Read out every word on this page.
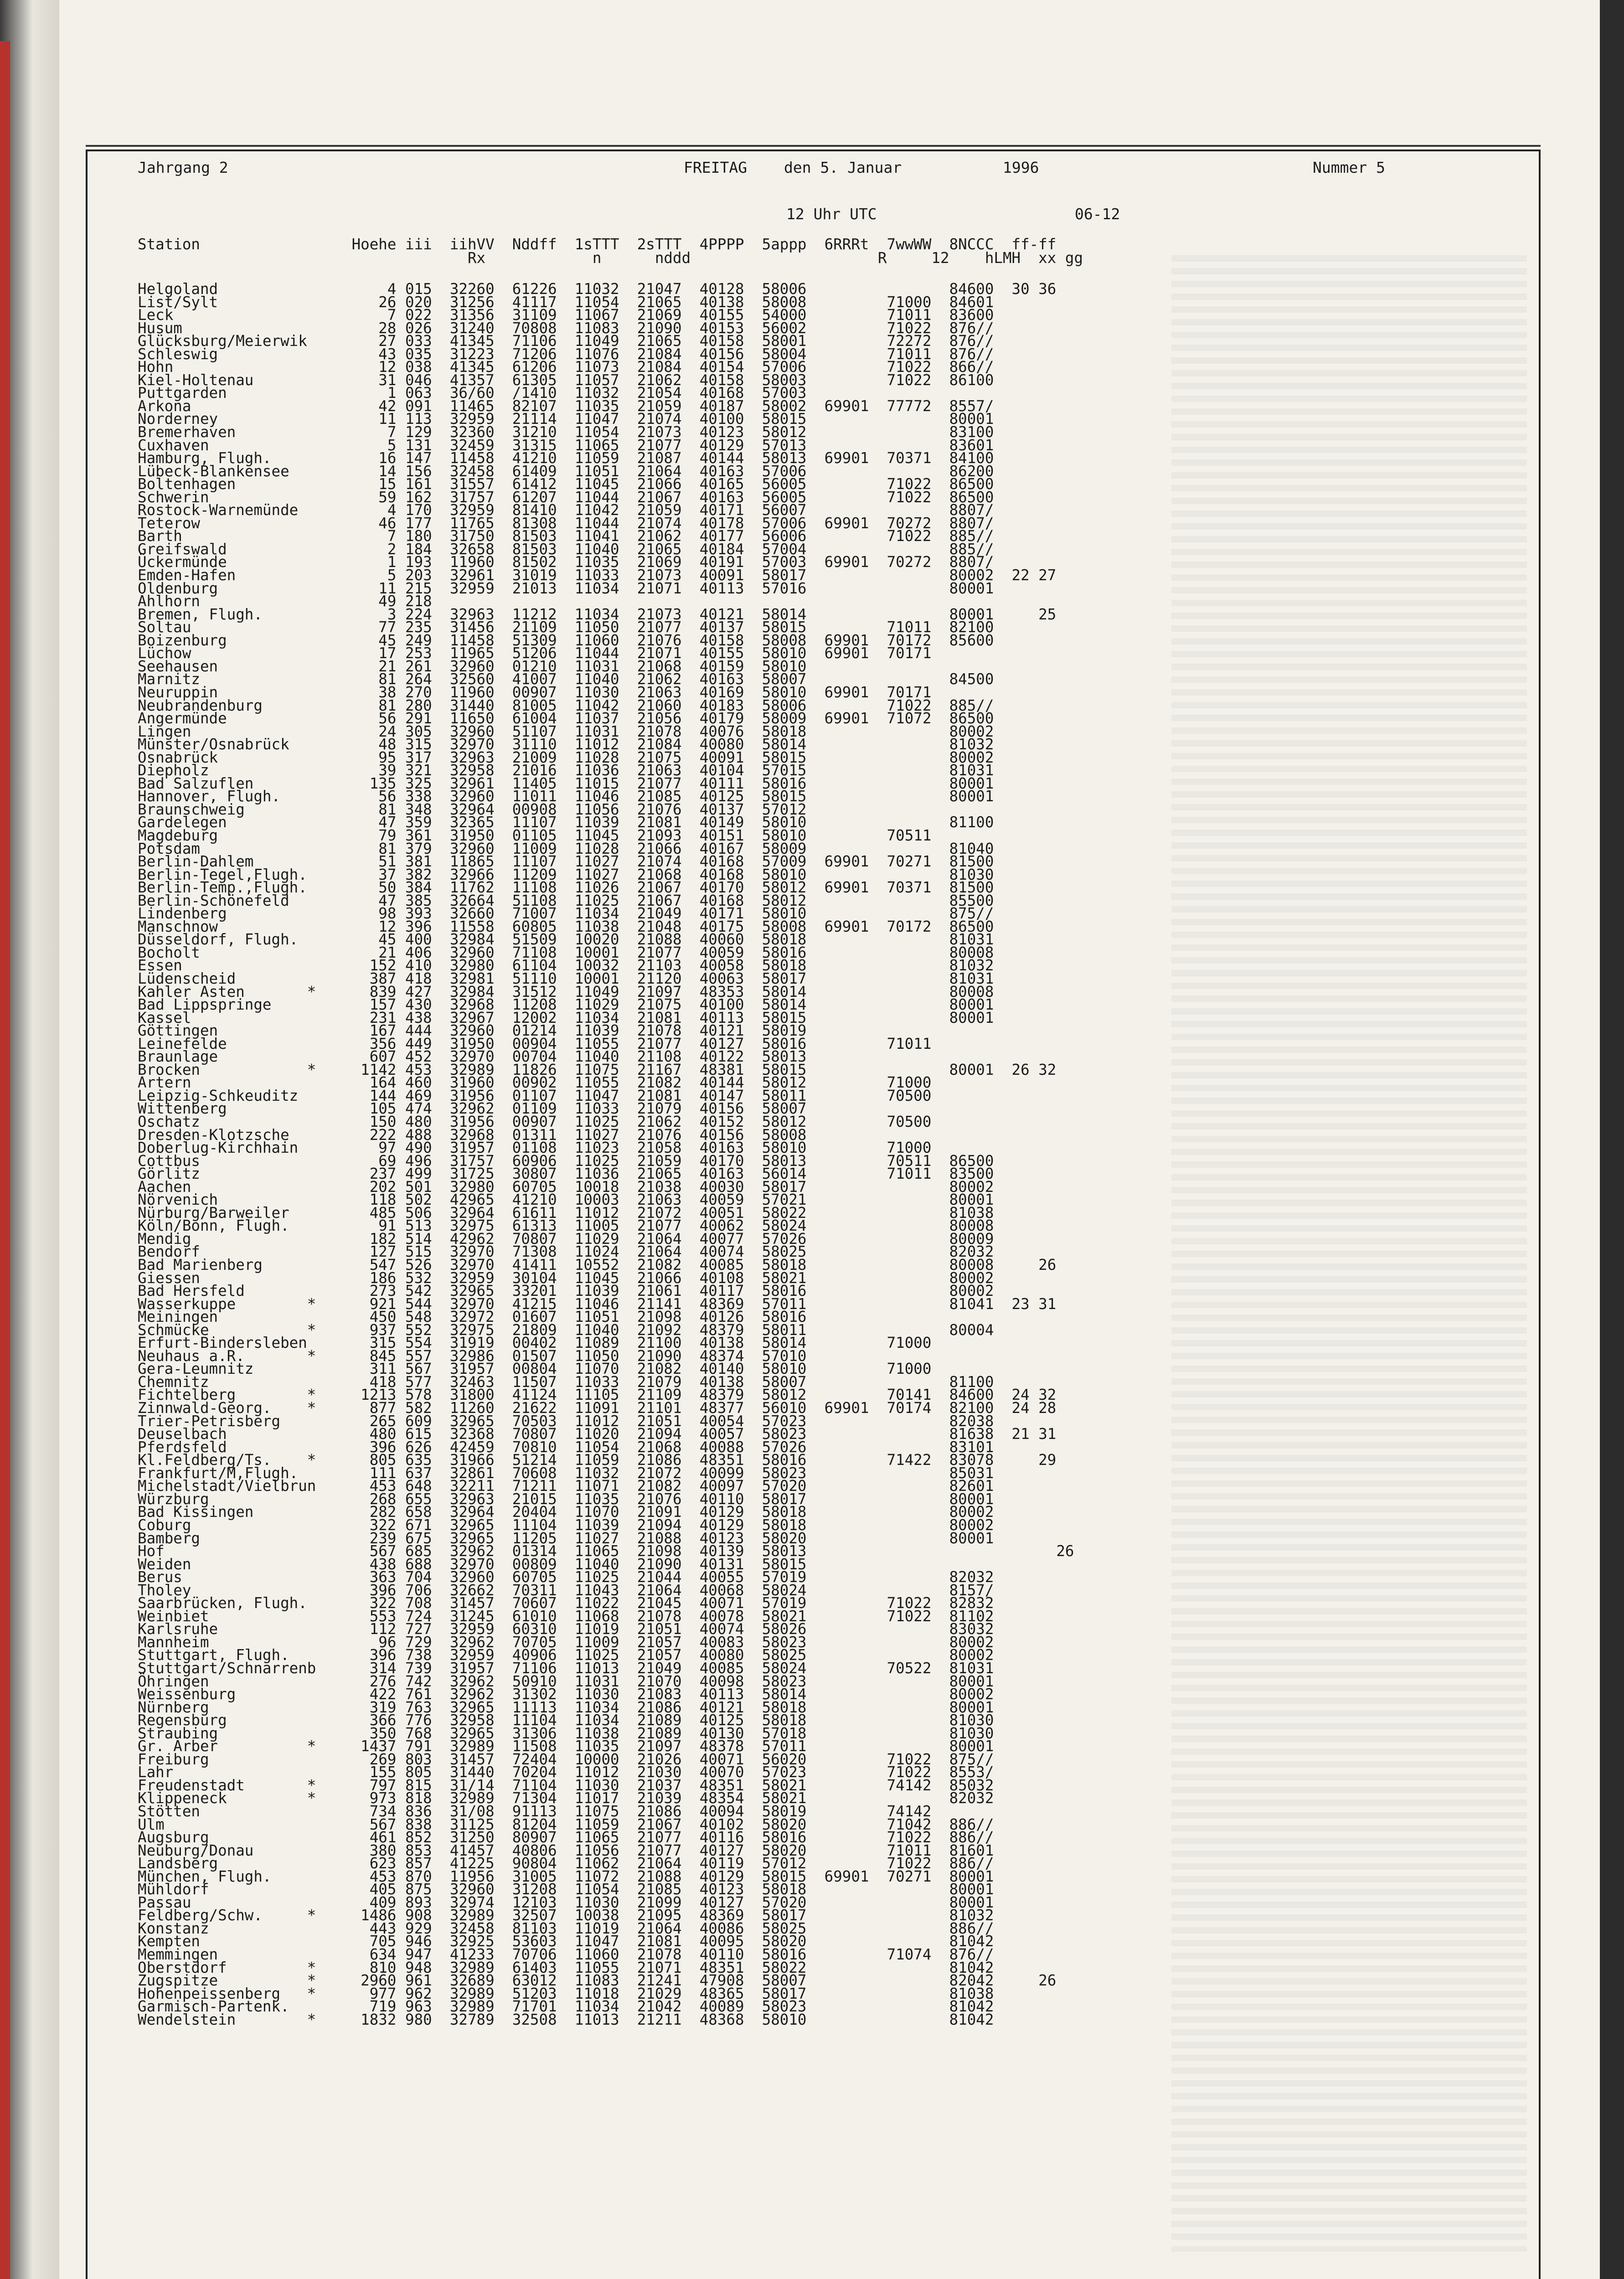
Jahrgang 2	FREITAG den 5. Januar	1996	Nummer 5
12 Uhr UTC	06-12
Station                 Hoehe iii  iihVV  Nddff  1sTTT  2sTTT  4PPPP  5appp  6RRRt  7wwWW  8NCCC  ff-ff
Rx            n      nddd                     R     12    hLMH  xx gg
Helgoland                   4 015  32260  61226  11032  21047  40128  58006                84600  30 36
List/Sylt                  26 020  31256  41117  11054  21065  40138  58008         71000  84601
Leck                        7 022  31356  31109  11067  21069  40155  54000         71011  83600
Husum                      28 026  31240  70808  11083  21090  40153  56002         71022  876//
Glücksburg/Meierwik        27 033  41345  71106  11049  21065  40158  58001         72272  876//
Schleswig                  43 035  31223  71206  11076  21084  40156  58004         71011  876//
Hohn                       12 038  41345  61206  11073  21084  40154  57006         71022  866//
Kiel-Holtenau              31 046  41357  61305  11057  21062  40158  58003         71022  86100
Puttgarden                  1 063  36/60  /1410  11032  21054  40168  57003
Arkona                     42 091  11465  82107  11035  21059  40187  58002  69901  77772  8557/
Norderney                  11 113  32959  21114  11047  21074  40100  58015                80001
Bremerhaven                 7 129  32360  31210  11054  21073  40123  58012                83100
Cuxhaven                    5 131  32459  31315  11065  21077  40129  57013                83601
Hamburg, Flugh.            16 147  11458  41210  11059  21087  40144  58013  69901  70371  84100
Lübeck-Blankensee          14 156  32458  61409  11051  21064  40163  57006                86200
Boltenhagen                15 161  31557  61412  11045  21066  40165  56005         71022  86500
Schwerin                   59 162  31757  61207  11044  21067  40163  56005         71022  86500
Rostock-Warnemünde          4 170  32959  81410  11042  21059  40171  56007                8807/
Teterow                    46 177  11765  81308  11044  21074  40178  57006  69901  70272  8807/
Barth                       7 180  31750  81503  11041  21062  40177  56006         71022  885//
Greifswald                  2 184  32658  81503  11040  21065  40184  57004                885//
Ückermünde                  1 193  11960  81502  11035  21069  40191  57003  69901  70272  8807/
Emden-Hafen                 5 203  32961  31019  11033  21073  40091  58017                80002  22 27
Oldenburg                  11 215  32959  21013  11034  21071  40113  57016                80001
Ahlhorn                    49 218
Bremen, Flugh.              3 224  32963  11212  11034  21073  40121  58014                80001     25
Soltau                     77 235  31456  21109  11050  21077  40137  58015         71011  82100
Boizenburg                 45 249  11458  51309  11060  21076  40158  58008  69901  70172  85600
Lüchow                     17 253  11965  51206  11044  21071  40155  58010  69901  70171
Seehausen                  21 261  32960  01210  11031  21068  40159  58010
Marnitz                    81 264  32560  41007  11040  21062  40163  58007                84500
Neuruppin                  38 270  11960  00907  11030  21063  40169  58010  69901  70171
Neubrandenburg             81 280  31440  81005  11042  21060  40183  58006         71022  885//
Angermünde                 56 291  11650  61004  11037  21056  40179  58009  69901  71072  86500
Lingen                     24 305  32960  51107  11031  21078  40076  58018                80002
Münster/Osnabrück          48 315  32970  31110  11012  21084  40080  58014                81032
Osnabrück                  95 317  32963  21009  11028  21075  40091  58015                80002
Diepholz                   39 321  32958  21016  11036  21063  40104  57015                81031
Bad Salzuflen             135 325  32961  11405  11015  21077  40111  58016                80001
Hannover, Flugh.           56 338  32960  11011  11046  21085  40125  58015                80001
Braunschweig               81 348  32964  00908  11056  21076  40137  57012
Gardelegen                 47 359  32365  11107  11039  21081  40149  58010                81100
Magdeburg                  79 361  31950  01105  11045  21093  40151  58010         70511
Potsdam                    81 379  32960  11009  11028  21066  40167  58009                81040
Berlin-Dahlem              51 381  11865  11107  11027  21074  40168  57009  69901  70271  81500
Berlin-Tegel,Flugh.        37 382  32966  11209  11027  21068  40168  58010                81030
Berlin-Temp.,Flugh.        50 384  11762  11108  11026  21067  40170  58012  69901  70371  81500
Berlin-Schönefeld          47 385  32664  51108  11025  21067  40168  58012                85500
Lindenberg                 98 393  32660  71007  11034  21049  40171  58010                875//
Manschnow                  12 396  11558  60805  11038  21048  40175  58008  69901  70172  86500
Düsseldorf, Flugh.         45 400  32984  51509  10020  21088  40060  58018                81031
Bocholt                    21 406  32960  71108  10001  21077  40059  58016                80008
Essen                     152 410  32980  61104  10032  21103  40058  58018                81032
Lüdenscheid               387 418  32981  51110  10001  21120  40063  58017                81031
Kahler Asten       *      839 427  32984  31512  11049  21097  48353  58014                80008
Bad Lippspringe           157 430  32968  11208  11029  21075  40100  58014                80001
Kassel                    231 438  32967  12002  11034  21081  40113  58015                80001
Göttingen                 167 444  32960  01214  11039  21078  40121  58019
Leinefelde                356 449  31950  00904  11055  21077  40127  58016         71011
Braunlage                 607 452  32970  00704  11040  21108  40122  58013
Brocken            *     1142 453  32989  11826  11075  21167  48381  58015                80001  26 32
Artern                    164 460  31960  00902  11055  21082  40144  58012         71000
Leipzig-Schkeuditz        144 469  31956  01107  11047  21081  40147  58011         70500
Wittenberg                105 474  32962  01109  11033  21079  40156  58007
Oschatz                   150 480  31956  00907  11025  21062  40152  58012         70500
Dresden-Klotzsche         222 488  32968  01311  11027  21076  40156  58008
Doberlug-Kirchhain         97 490  31957  01108  11023  21058  40163  58010         71000
Cottbus                    69 496  31757  60906  11025  21059  40170  58013         70511  86500
Görlitz                   237 499  31725  30807  11036  21065  40163  56014         71011  83500
Aachen                    202 501  32980  60705  10018  21038  40030  58017                80002
Nörvenich                 118 502  42965  41210  10003  21063  40059  57021                80001
Nürburg/Barweiler         485 506  32964  61611  11012  21072  40051  58022                81038
Köln/Bonn, Flugh.          91 513  32975  61313  11005  21077  40062  58024                80008
Mendig                    182 514  42962  70807  11029  21064  40077  57026                80009
Bendorf                   127 515  32970  71308  11024  21064  40074  58025                82032
Bad Marienberg            547 526  32970  41411  10552  21082  40085  58018                80008     26
Giessen                   186 532  32959  30104  11045  21066  40108  58021                80002
Bad Hersfeld              273 542  32965  33201  11039  21061  40117  58016                80002
Wasserkuppe        *      921 544  32970  41215  11046  21141  48369  57011                81041  23 31
Meiningen                 450 548  32972  01607  11051  21098  40126  58016
Schmücke           *      937 552  32975  21809  11040  21092  48379  58011                80004
Erfurt-Bindersleben       315 554  31919  00402  11089  21100  40138  58014         71000
Neuhaus a.R.       *      845 557  32986  01507  11050  21090  48374  57010
Gera-Leumnitz             311 567  31957  00804  11070  21082  40140  58010         71000
Chemnitz                  418 577  32463  11507  11033  21079  40138  58007                81100
Fichtelberg        *     1213 578  31800  41124  11105  21109  48379  58012         70141  84600  24 32
Zinnwald-Georg.    *      877 582  11260  21622  11091  21101  48377  56010  69901  70174  82100  24 28
Trier-Petrisberg          265 609  32965  70503  11012  21051  40054  57023                82038
Deuselbach                480 615  32368  70807  11020  21094  40057  58023                81638  21 31
Pferdsfeld                396 626  42459  70810  11054  21068  40088  57026                83101
Kl.Feldberg/Ts.    *      805 635  31966  51214  11059  21086  48351  58016         71422  83078     29
Frankfurt/M,Flugh.        111 637  32861  70608  11032  21072  40099  58023                85031
Michelstadt/Vielbrun      453 648  32211  71211  11071  21082  40097  57020                82601
Würzburg                  268 655  32963  21015  11035  21076  40110  58017                80001
Bad Kissingen             282 658  32964  20404  11070  21091  40129  58018                80002
Coburg                    322 671  32965  11104  11039  21094  40129  58018                80002
Bamberg                   239 675  32965  11205  11027  21088  40123  58020                80001
Hof                       567 685  32962  01314  11065  21098  40139  58013                            26
Weiden                    438 688  32970  00809  11040  21090  40131  58015
Berus                     363 704  32960  60705  11025  21044  40055  57019                82032
Tholey                    396 706  32662  70311  11043  21064  40068  58024                8157/
Saarbrücken, Flugh.       322 708  31457  70607  11022  21045  40071  57019         71022  82832
Weinbiet                  553 724  31245  61010  11068  21078  40078  58021         71022  81102
Karlsruhe                 112 727  32959  60310  11019  21051  40074  58026                83032
Mannheim                   96 729  32962  70705  11009  21057  40083  58023                80002
Stuttgart, Flugh.         396 738  32959  40906  11025  21057  40080  58025                80002
Stuttgart/Schnarrenb      314 739  31957  71106  11013  21049  40085  58024         70522  81031
Öhringen                  276 742  32962  50910  11031  21070  40098  58023                80001
Weissenburg               422 761  32962  31302  11030  21083  40113  58014                80002
Nürnberg                  319 763  32965  11113  11034  21086  40121  58018                80001
Regensburg                366 776  32958  11104  11034  21089  40125  58018                81030
Straubing                 350 768  32965  31306  11038  21089  40130  57018                81030
Gr. Arber          *     1437 791  32989  11508  11035  21097  48378  57011                80001
Freiburg                  269 803  31457  72404  10000  21026  40071  56020         71022  875//
Lahr                      155 805  31440  70204  11012  21030  40070  57023         71022  8553/
Freudenstadt       *      797 815  31/14  71104  11030  21037  48351  58021         74142  85032
Klippeneck         *      973 818  32989  71304  11017  21039  48354  58021                82032
Stötten                   734 836  31/08  91113  11075  21086  40094  58019         74142
Ulm                       567 838  31125  81204  11059  21067  40102  58020         71042  886//
Augsburg                  461 852  31250  80907  11065  21077  40116  58016         71022  886//
Neuburg/Donau             380 853  41457  40806  11056  21077  40127  58020         71011  81601
Landsberg                 623 857  41225  90804  11062  21064  40119  57012         71022  886//
München, Flugh.           453 870  11956  31005  11072  21088  40129  58015  69901  70271  80001
Mühldorf                  405 875  32960  31208  11054  21085  40123  58018                80001
Passau                    409 893  32974  12103  11030  21099  40127  57020                80001
Feldberg/Schw.     *     1486 908  32989  32507  10038  21095  48369  58017                81032
Konstanz                  443 929  32458  81103  11019  21064  40086  58025                886//
Kempten                   705 946  32925  53603  11047  21081  40095  58020                81042
Memmingen                 634 947  41233  70706  11060  21078  40110  58016         71074  876//
Oberstdorf         *      810 948  32989  61403  11055  21071  48351  58022                81042
Zugspitze          *     2960 961  32689  63012  11083  21241  47908  58007                82042     26
Hohenpeissenberg   *      977 962  32989  51203  11018  21029  48365  58017                81038
Garmisch-Partenk.         719 963  32989  71701  11034  21042  40089  58023                81042
Wendelstein        *     1832 980  32789  32508  11013  21211  48368  58010                81042
